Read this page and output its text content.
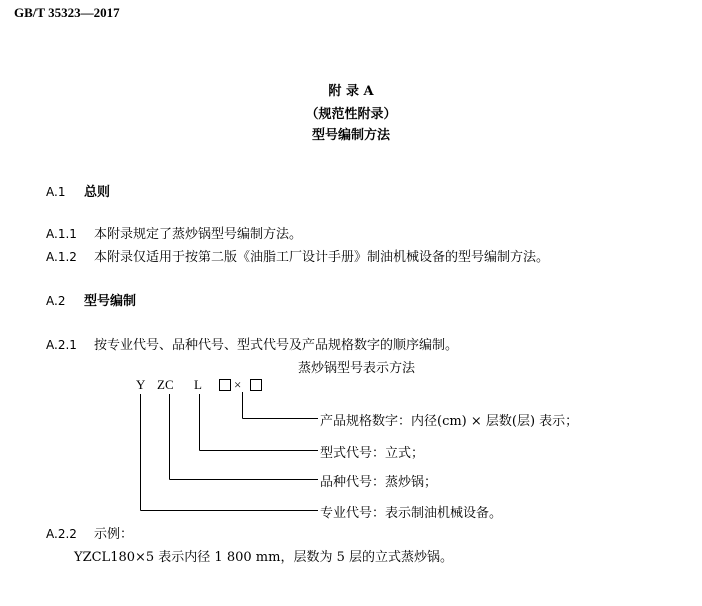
GB/T 35323—2017
附 录 A
（规范性附录）
型号编制方法
A.1 总则
A.1.1 本附录规定了蒸炒锅型号编制方法。
A.1.2 本附录仅适用于按第二版《油脂工厂设计手册》制油机械设备的型号编制方法。
A.2 型号编制
A.2.1 按专业代号、品种代号、型式代号及产品规格数字的顺序编制。
蒸炒锅型号表示方法
Y ZC L ×
产品规格数字：内径(cm) × 层数(层) 表示；
型式代号：立式；
品种代号：蒸炒锅；
专业代号：表示制油机械设备。
A.2.2 示例：
YZCL180×5 表示内径 1 800 mm，层数为 5 层的立式蒸炒锅。
